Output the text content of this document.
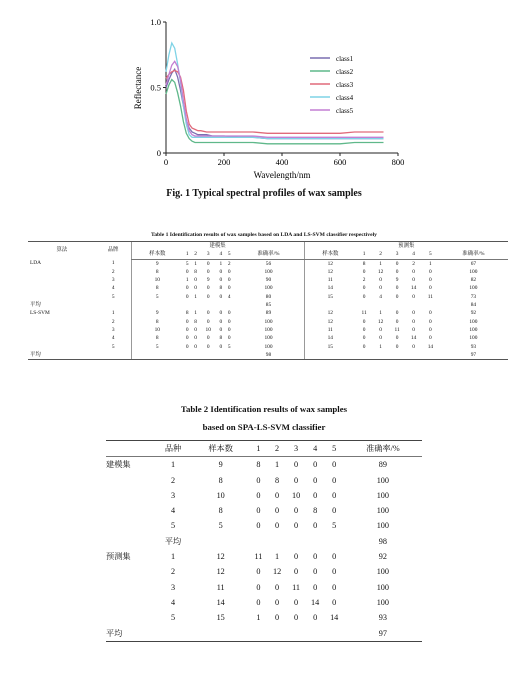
0	200	400	600	800
0
0.5
1.0
class1
class2
class3
class4
class5
Wavelength/nm
Reflectance
Fig. 1 Typical spectral profiles of wax samples
Table 1 Identification results of wax samples based on LDA and LS-SVM classifier respectively
算法	品牌	建模集							预测集						
		样本数	1	2	3	4	5	准确率/%	样本数	1	2	3	4	5	准确率/%
LDA	1	9	5	1	0	1	2	56	12	8	1	0	2	1	67
	2	8	0	8	0	0	0	100	12	0	12	0	0	0	100
	3	10	1	0	9	0	0	90	11	2	0	9	0	0	82
	4	8	0	0	0	8	0	100	14	0	0	0	14	0	100
	5	5	0	1	0	0	4	80	15	0	4	0	0	11	73
平均								85							84
LS-SVM	1	9	8	1	0	0	0	89	12	11	1	0	0	0	92
	2	8	0	8	0	0	0	100	12	0	12	0	0	0	100
	3	10	0	0	10	0	0	100	11	0	0	11	0	0	100
	4	8	0	0	0	8	0	100	14	0	0	0	14	0	100
	5	5	0	0	0	0	5	100	15	0	1	0	0	14	93
平均								98							97
Table 2 Identification results of wax samples
based on SPA-LS-SVM classifier
	品种	样本数	1	2	3	4	5	准确率/%
建模集	1	9	8	1	0	0	0	89
	2	8	0	8	0	0	0	100
	3	10	0	0	10	0	0	100
	4	8	0	0	0	8	0	100
	5	5	0	0	0	0	5	100
	平均							98
预测集	1	12	11	1	0	0	0	92
	2	12	0	12	0	0	0	100
	3	11	0	0	11	0	0	100
	4	14	0	0	0	14	0	100
	5	15	1	0	0	0	14	93
平均								97
